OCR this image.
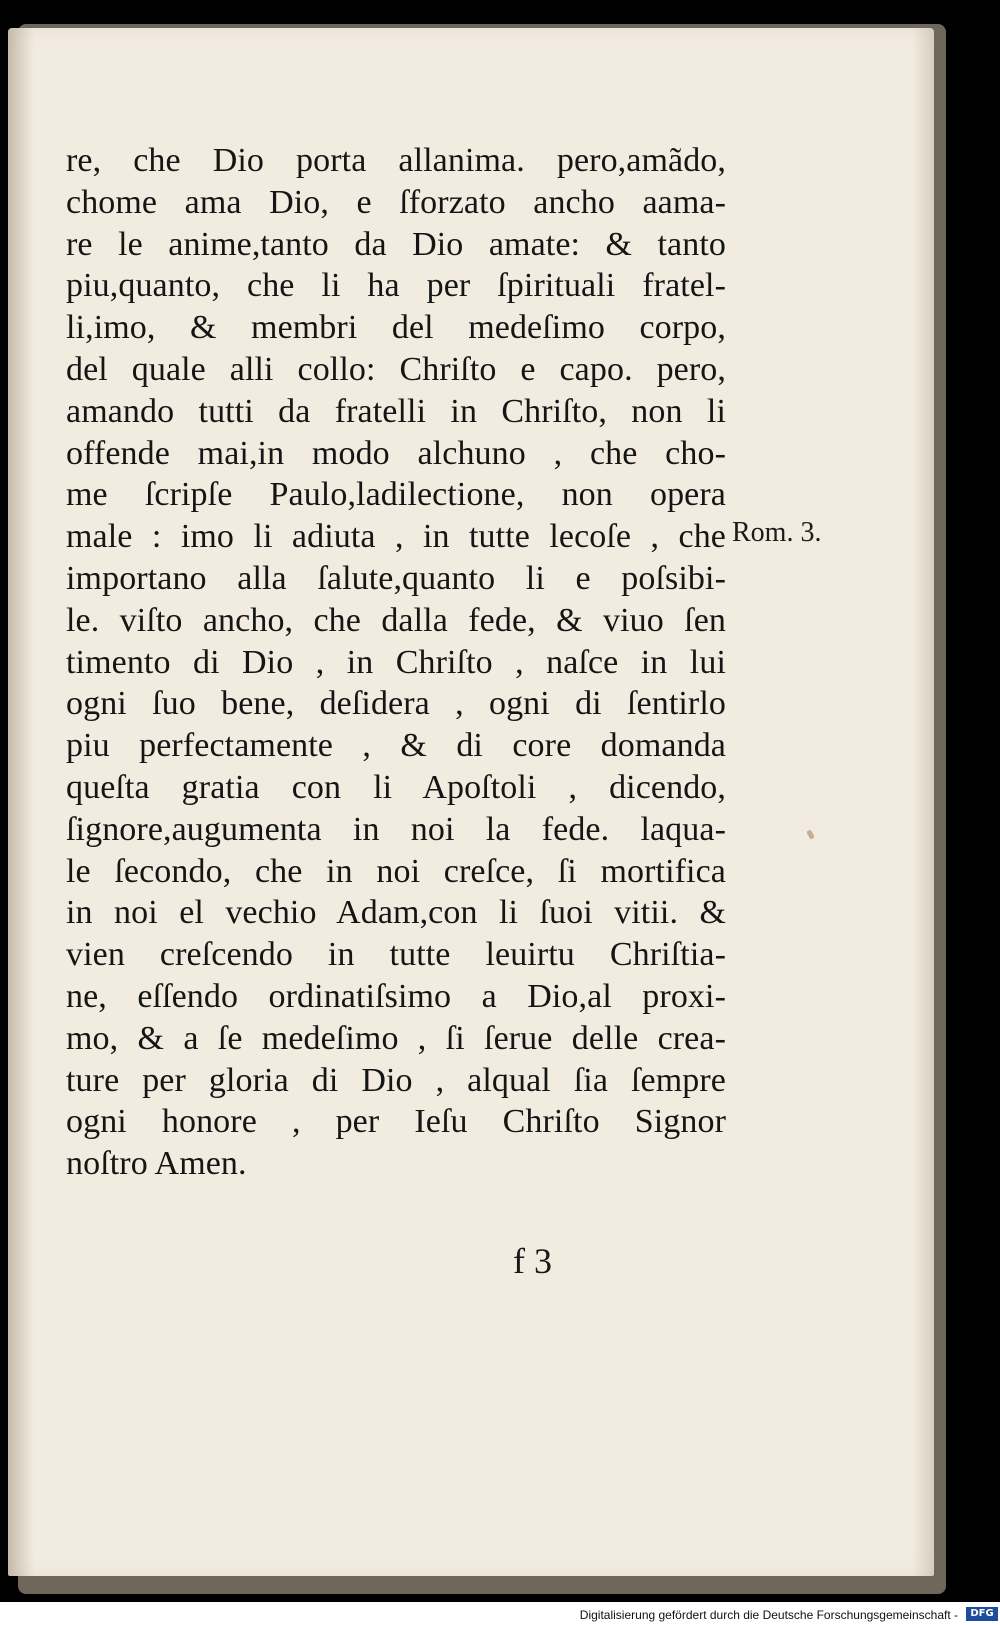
re, che Dio porta allanima. pero,amãdo,
chome ama Dio, e ſforzato ancho aama-
re le anime,tanto da Dio amate: & tanto
piu,quanto, che li ha per ſpirituali fratel-
li,imo, & membri del medeſimo corpo,
del quale alli collo: Chriſto e capo. pero,
amando tutti da fratelli in Chriſto, non li
offende mai,in modo alchuno , che cho-
me ſcripſe Paulo,ladilectione, non opera
male : imo li adiuta , in tutte lecoſe , che
importano alla ſalute,quanto li e poſsibi-
le. viſto ancho, che dalla fede, & viuo ſen
timento di Dio , in Chriſto , naſce in lui
ogni ſuo bene, deſidera , ogni di ſentirlo
piu perfectamente , & di core domanda
queſta gratia con li Apoſtoli , dicendo,
ſignore,augumenta in noi la fede. laqua-
le ſecondo, che in noi creſce, ſi mortifica
in noi el vechio Adam,con li ſuoi vitii. &
vien creſcendo in tutte leuirtu Chriſtia-
ne, eſſendo ordinatiſsimo a Dio,al proxi-
mo, & a ſe medeſimo , ſi ſerue delle crea-
ture per gloria di Dio , alqual ſia ſempre
ogni honore , per Ieſu Chriſto Signor
noſtro Amen.
Rom. 3.
f 3
Digitalisierung gefördert durch die Deutsche Forschungsgemeinschaft -	DFG
